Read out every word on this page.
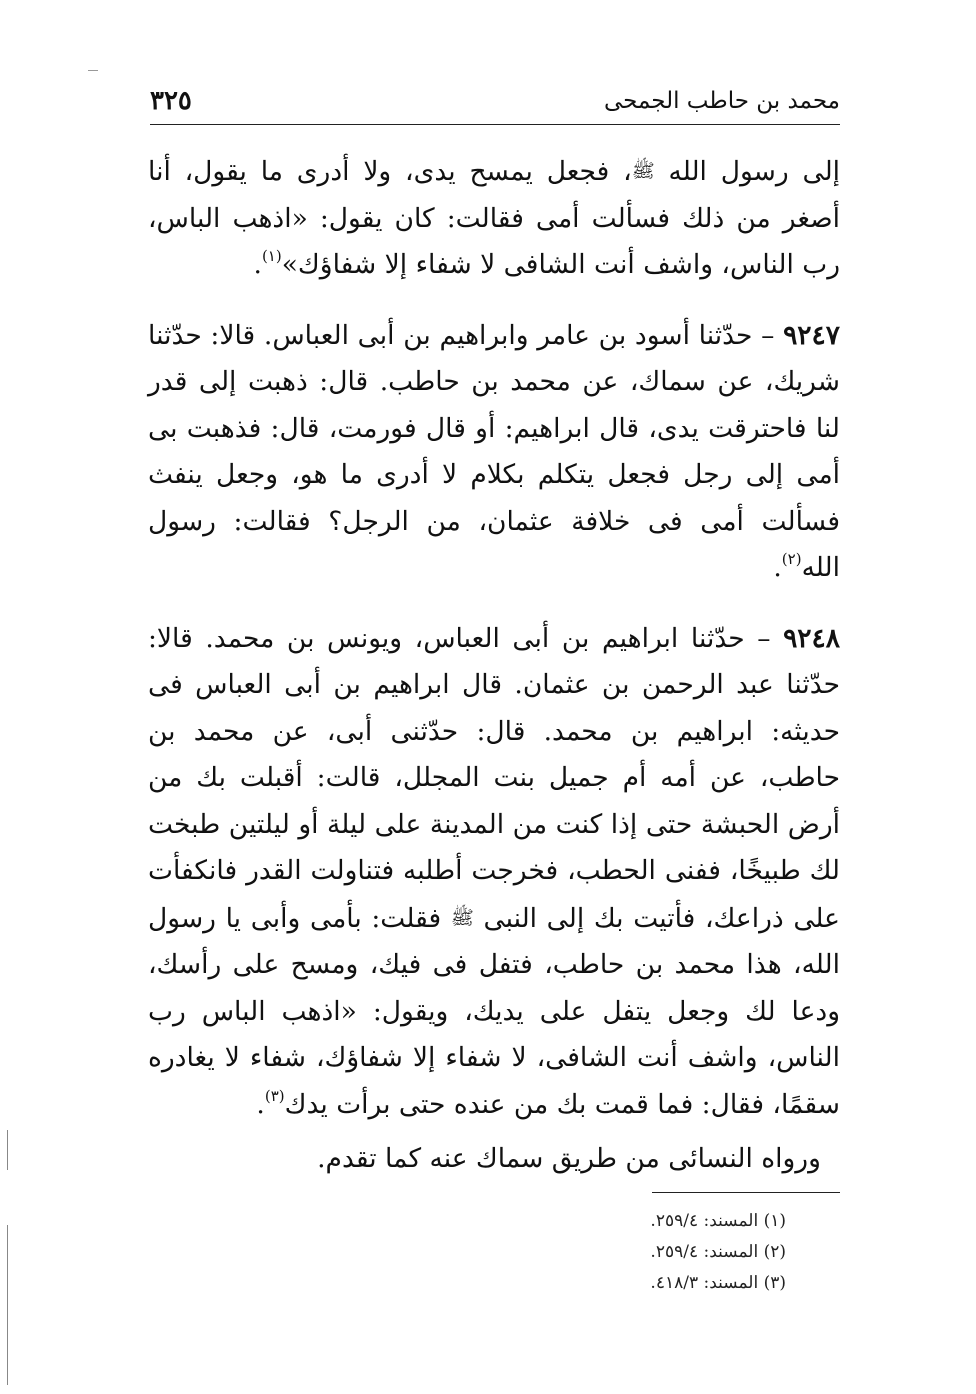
محمد بن حاطب الجمحى
٣٢٥

إلى رسول الله ﷺ، فجعل يمسح يدى، ولا أدرى ما يقول، أنا أصغر من ذلك فسألت أمى فقالت: كان يقول: «اذهب الباس، رب الناس، واشف أنت الشافى لا شفاء إلا شفاؤك»$^{(١)}$.

٩٢٤٧ – حدّثنا أسود بن عامر وابراهيم بن أبى العباس. قالا: حدّثنا شريك، عن سماك، عن محمد بن حاطب. قال: ذهبت إلى قدر لنا فاحترقت يدى، قال ابراهيم: أو قال فورمت، قال: فذهبت بى أمى إلى رجل فجعل يتكلم بكلام لا أدرى ما هو، وجعل ينفث فسألت أمى فى خلافة عثمان، من الرجل؟ فقالت: رسول الله$^{(٢)}$.

٩٢٤٨ – حدّثنا ابراهيم بن أبى العباس، ويونس بن محمد. قالا: حدّثنا عبد الرحمن بن عثمان. قال ابراهيم بن أبى العباس فى حديثه: ابراهيم بن محمد. قال: حدّثنى أبى، عن محمد بن حاطب، عن أمه أم جميل بنت المجلل، قالت: أقبلت بك من أرض الحبشة حتى إذا كنت من المدينة على ليلة أو ليلتين طبخت لك طبيخًا، ففنى الحطب، فخرجت أطلبه فتناولت القدر فانكفأت على ذراعك، فأتيت بك إلى النبى ﷺ فقلت: بأمى وأبى يا رسول الله، هذا محمد بن حاطب، فتفل فى فيك، ومسح على رأسك، ودعا لك وجعل يتفل على يديك، ويقول: «اذهب الباس رب الناس، واشف أنت الشافى، لا شفاء إلا شفاؤك، شفاء لا يغادره سقمًا، فقال: فما قمت بك من عنده حتى برأت يدك$^{(٣)}$.

ورواه النسائى من طريق سماك عنه كما تقدم.

(١) المسند: ٢٥٩/٤.
(٢) المسند: ٢٥٩/٤.
(٣) المسند: ٤١٨/٣.
